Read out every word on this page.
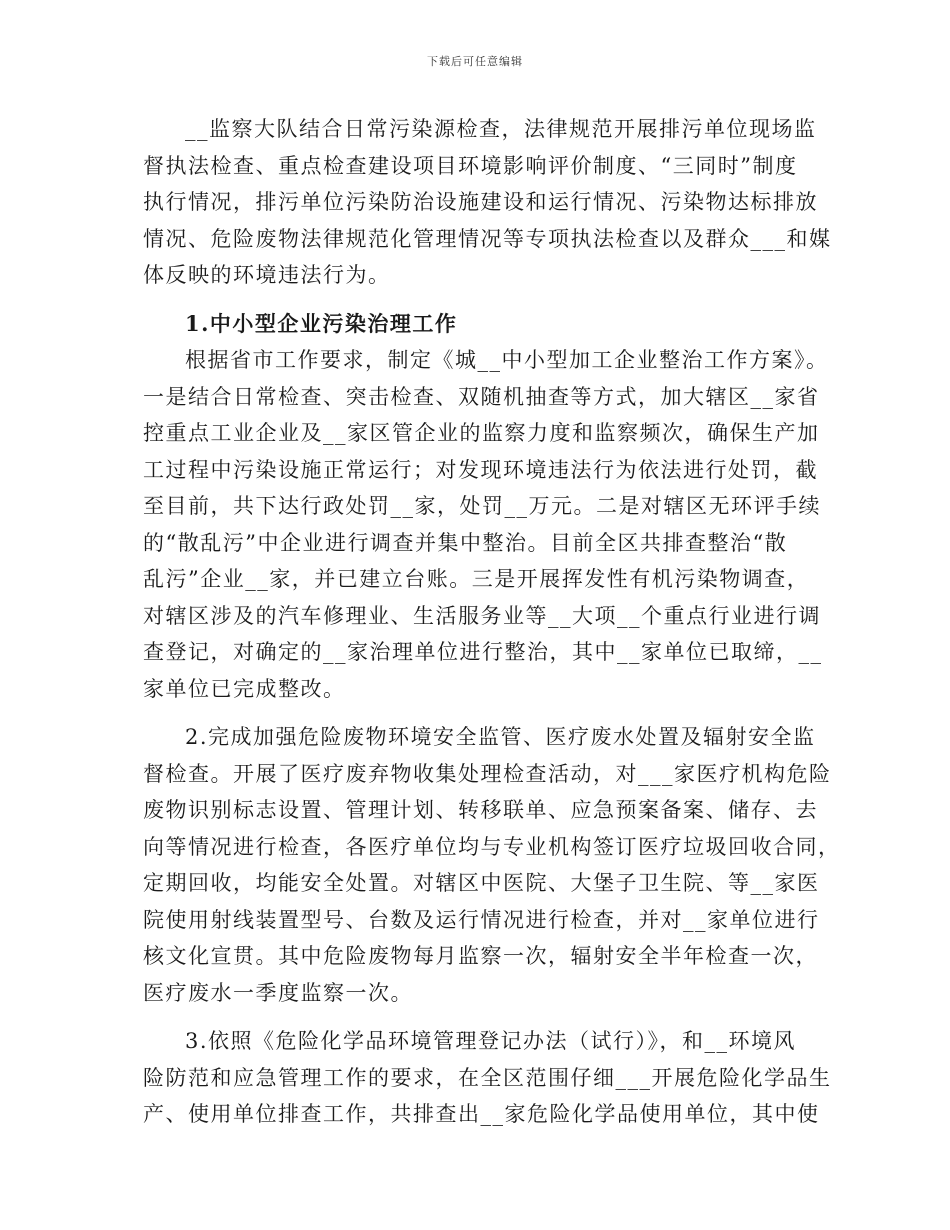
下载后可任意编辑
__监察大队结合日常污染源检查，法律规范开展排污单位现场监
督执法检查、重点检查建设项目环境影响评价制度、“三同时”制度
执行情况，排污单位污染防治设施建设和运行情况、污染物达标排放
情况、危险废物法律规范化管理情况等专项执法检查以及群众___和媒
体反映的环境违法行为。
1.中小型企业污染治理工作
根据省市工作要求，制定《城__中小型加工企业整治工作方案》。
一是结合日常检查、突击检查、双随机抽查等方式，加大辖区__家省
控重点工业企业及__家区管企业的监察力度和监察频次，确保生产加
工过程中污染设施正常运行；对发现环境违法行为依法进行处罚，截
至目前，共下达行政处罚__家，处罚__万元。二是对辖区无环评手续
的“散乱污”中企业进行调查并集中整治。目前全区共排查整治“散
乱污”企业__家，并已建立台账。三是开展挥发性有机污染物调查，
对辖区涉及的汽车修理业、生活服务业等__大项__个重点行业进行调
查登记，对确定的__家治理单位进行整治，其中__家单位已取缔，__
家单位已完成整改。
2.完成加强危险废物环境安全监管、医疗废水处置及辐射安全监
督检查。开展了医疗废弃物收集处理检查活动，对___家医疗机构危险
废物识别标志设置、管理计划、转移联单、应急预案备案、储存、去
向等情况进行检查，各医疗单位均与专业机构签订医疗垃圾回收合同，
定期回收，均能安全处置。对辖区中医院、大堡子卫生院、等__家医
院使用射线装置型号、台数及运行情况进行检查，并对__家单位进行
核文化宣贯。其中危险废物每月监察一次，辐射安全半年检查一次，
医疗废水一季度监察一次。
3.依照《危险化学品环境管理登记办法（试行）》，和__环境风
险防范和应急管理工作的要求，在全区范围仔细___开展危险化学品生
产、使用单位排查工作，共排查出__家危险化学品使用单位，其中使
